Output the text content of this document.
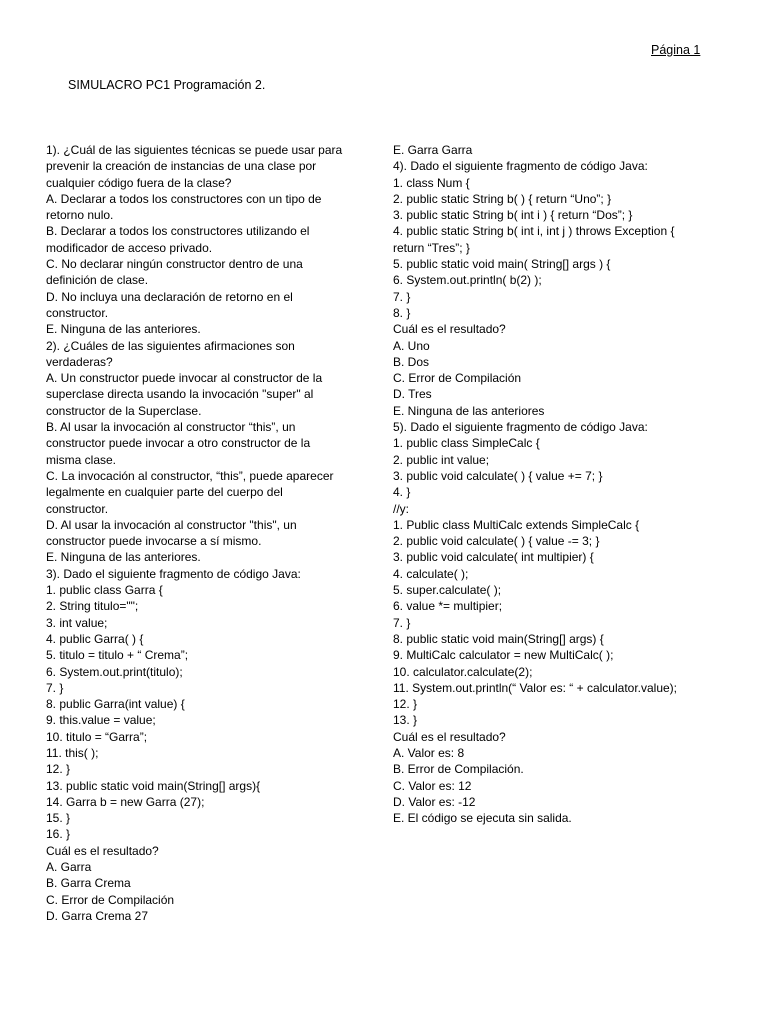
Página 1
SIMULACRO PC1 Programación 2.
1). ¿Cuál de las siguientes técnicas se puede usar para
prevenir la creación de instancias de una clase por
cualquier código fuera de la clase?
A. Declarar a todos los constructores con un tipo de
retorno nulo.
B. Declarar a todos los constructores utilizando el
modificador de acceso privado.
C. No declarar ningún constructor dentro de una
definición de clase.
D. No incluya una declaración de retorno en el
constructor.
E. Ninguna de las anteriores.
2). ¿Cuáles de las siguientes afirmaciones son
verdaderas?
A. Un constructor puede invocar al constructor de la
superclase directa usando la invocación "super" al
constructor de la Superclase.
B. Al usar la invocación al constructor “this”, un
constructor puede invocar a otro constructor de la
misma clase.
C. La invocación al constructor, “this”, puede aparecer
legalmente en cualquier parte del cuerpo del
constructor.
D. Al usar la invocación al constructor "this", un
constructor puede invocarse a sí mismo.
E. Ninguna de las anteriores.
3). Dado el siguiente fragmento de código Java:
1. public class Garra {
2. String titulo="";
3. int value;
4. public Garra( ) {
5. titulo = titulo + “ Crema”;
6. System.out.print(titulo);
7. }
8. public Garra(int value) {
9. this.value = value;
10. titulo = “Garra”;
11. this( );
12. }
13. public static void main(String[] args){
14. Garra b = new Garra (27);
15. }
16. }
Cuál es el resultado?
A. Garra
B. Garra Crema
C. Error de Compilación
D. Garra Crema 27
E. Garra Garra
4). Dado el siguiente fragmento de código Java:
1. class Num {
2. public static String b( ) { return “Uno”; }
3. public static String b( int i ) { return “Dos”; }
4. public static String b( int i, int j ) throws Exception {
return “Tres”; }
5. public static void main( String[] args ) {
6. System.out.println( b(2) );
7. }
8. }
Cuál es el resultado?
A. Uno
B. Dos
C. Error de Compilación
D. Tres
E. Ninguna de las anteriores
5). Dado el siguiente fragmento de código Java:
1. public class SimpleCalc {
2. public int value;
3. public void calculate( ) { value += 7; }
4. }
//y:
1. Public class MultiCalc extends SimpleCalc {
2. public void calculate( ) { value -= 3; }
3. public void calculate( int multipier) {
4. calculate( );
5. super.calculate( );
6. value *= multipier;
7. }
8. public static void main(String[] args) {
9. MultiCalc calculator = new MultiCalc( );
10. calculator.calculate(2);
11. System.out.println(“ Valor es: “ + calculator.value);
12. }
13. }
Cuál es el resultado?
A. Valor es: 8
B. Error de Compilación.
C. Valor es: 12
D. Valor es: -12
E. El código se ejecuta sin salida.
